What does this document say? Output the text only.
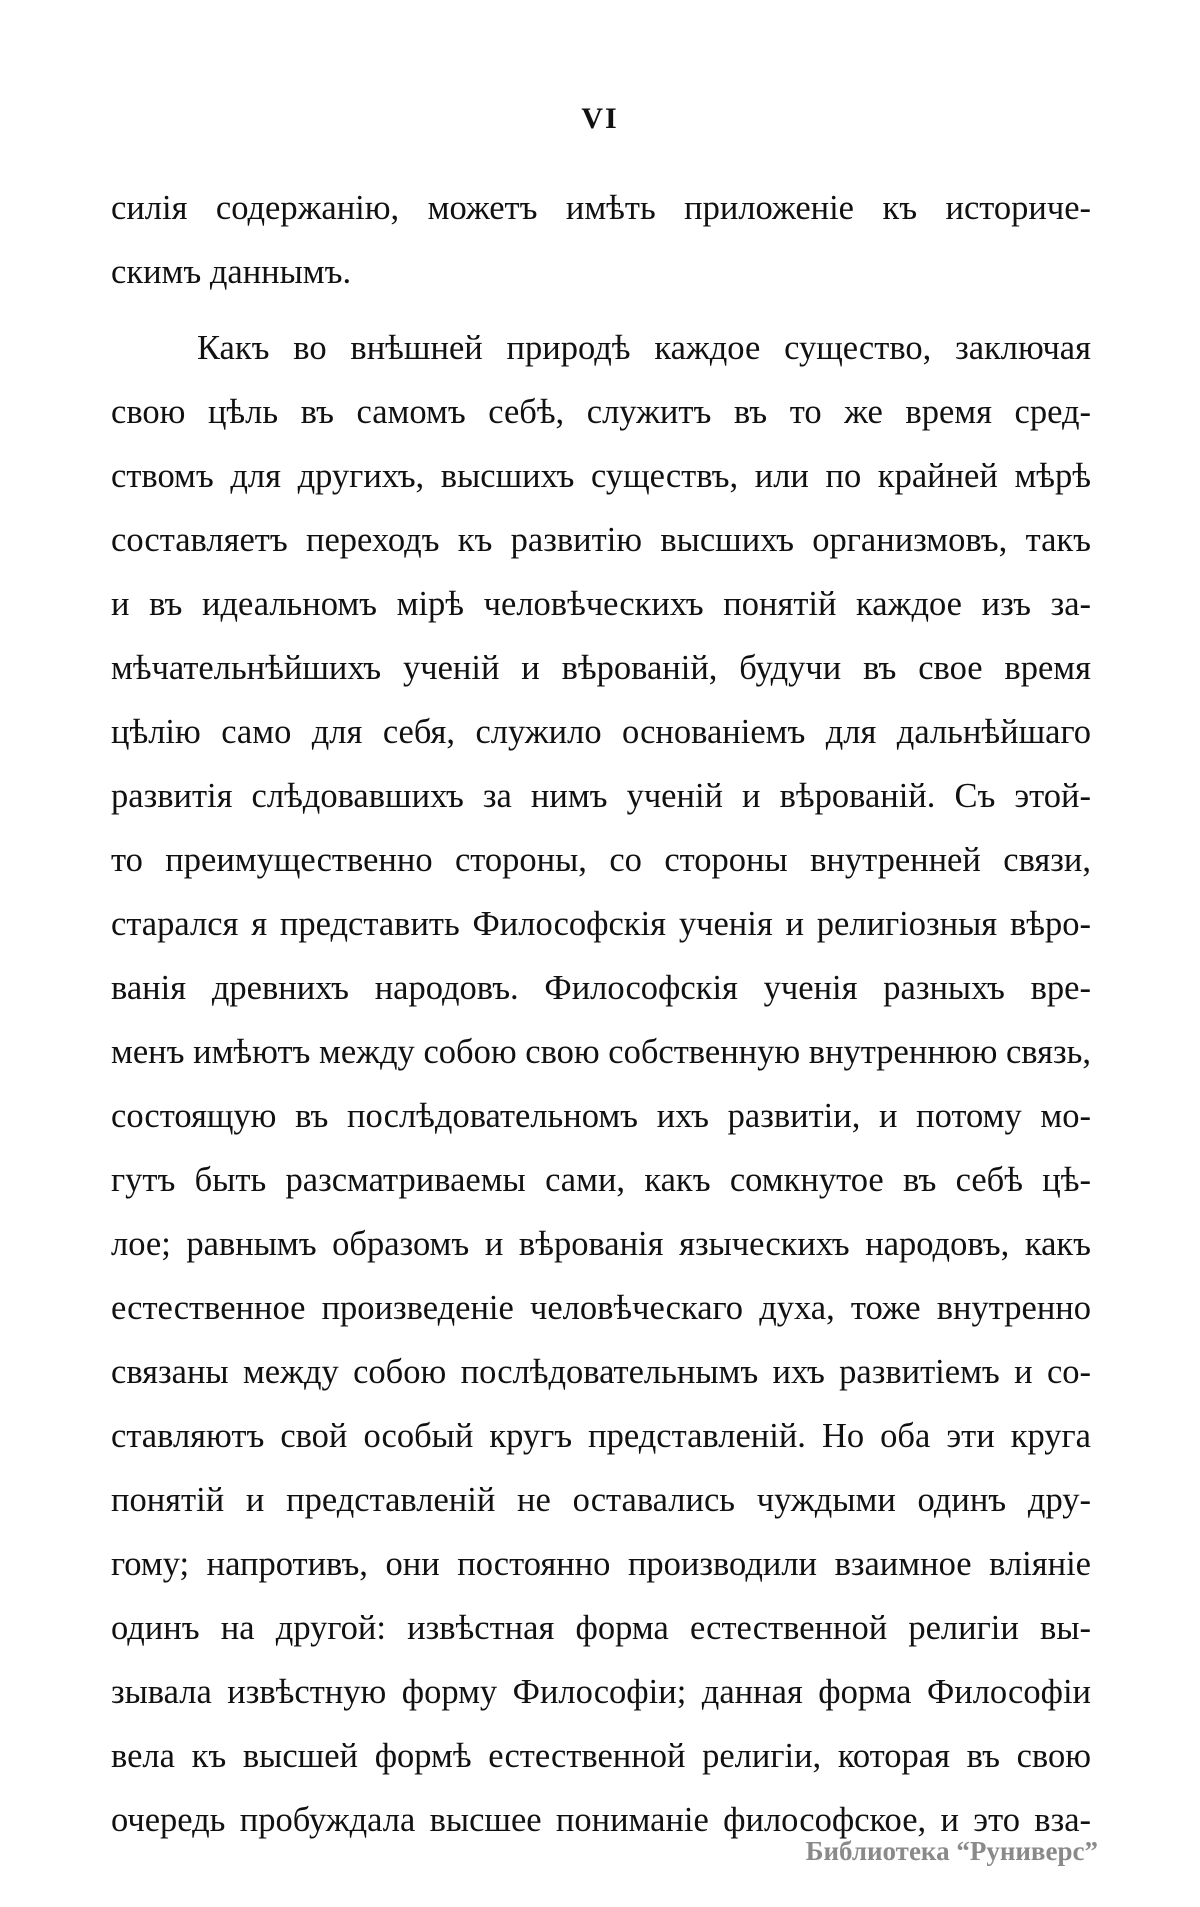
VI
силія содержанію, можетъ имѣть приложеніе къ историче-
скимъ даннымъ.
Какъ во внѣшней природѣ каждое существо, заключая
свою цѣль въ самомъ себѣ, служитъ въ то же время сред-
ствомъ для другихъ, высшихъ существъ, или по крайней мѣрѣ
составляетъ переходъ къ развитію высшихъ организмовъ, такъ
и въ идеальномъ мірѣ человѣческихъ понятій каждое изъ за-
мѣчательнѣйшихъ ученій и вѣрованій, будучи въ свое время
цѣлію само для себя, служило основаніемъ для дальнѣйшаго
развитія слѣдовавшихъ за нимъ ученій и вѣрованій. Съ этой-
то преимущественно стороны, со стороны внутренней связи,
старался я представить Философскія ученія и религіозныя вѣро-
ванія древнихъ народовъ. Философскія ученія разныхъ вре-
менъ имѣютъ между собою свою собственную внутреннюю связь,
состоящую въ послѣдовательномъ ихъ развитіи, и потому мо-
гутъ быть разсматриваемы сами, какъ сомкнутое въ себѣ цѣ-
лое; равнымъ образомъ и вѣрованія языческихъ народовъ, какъ
естественное произведеніе человѣческаго духа, тоже внутренно
связаны между собою послѣдовательнымъ ихъ развитіемъ и со-
ставляютъ свой особый кругъ представленій. Но оба эти круга
понятій и представленій не оставались чуждыми одинъ дру-
гому; напротивъ, они постоянно производили взаимное вліяніе
одинъ на другой: извѣстная форма естественной религіи вы-
зывала извѣстную форму Философіи; данная форма Философіи
вела къ высшей формѣ естественной религіи, которая въ свою
очередь пробуждала высшее пониманіе философское, и это вза-
Библиотека “Руниверс”
